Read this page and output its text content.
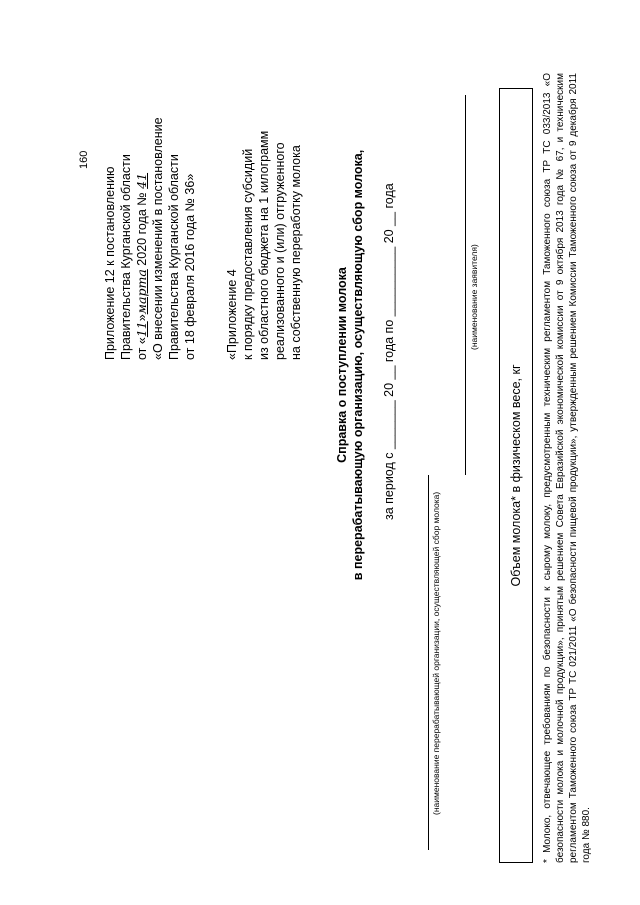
160
Приложение 12 к постановлению Правительства Курганской области от «11»марта 2020 года № 41 «О внесении изменений в постановление Правительства Курганской области от 18 февраля 2016 года № 36» «Приложение 4 к порядку предоставления субсидий из областного бюджета на 1 килограмм реализованного и (или) отгруженного на собственную переработку молока
Справка о поступлении молока в перерабатывающую организацию, осуществляющую сбор молока, за период с _______ 20 __ года по __________ 20 __ года
(наименование перерабатывающей организации, осуществляющей сбор молока)
(наименование заявителя)
Объем молока* в физическом весе, кг	* Молоко, отвечающее требованиям по безопасности к сырому молоку, предусмотренным техническим регламентом Таможенного союза ТР ТС 033/2013 «О безопасности молока и молочной продукции», принятым решением Совета Евразийской экономической комиссии от 9 октября 2013 года № 67, и техническим регламентом Таможенного союза ТР ТС 021/2011 «О безопасности пищевой продукции», утвержденным решением Комиссии Таможенного союза от 9 декабря 2011 года № 880.
